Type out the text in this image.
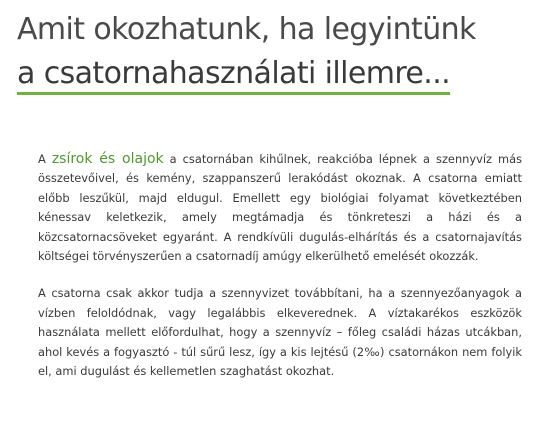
Amit okozhatunk, ha legyintünk
a csatornahasználati illemre...

A zsírok és olajok a csatornában kihűlnek, reakcióba lépnek a szennyvíz más összetevőivel, és kemény, szappanszerű lerakódást okoznak. A csatorna emiatt előbb leszűkül, majd eldugul. Emellett egy biológiai folyamat következtében kénessav keletkezik, amely megtámadja és tönkreteszi a házi és a közcsatornacsöveket egyaránt. A rendkívüli dugulás-elhárítás és a csatornajavítás költségei törvényszerűen a csatornadíj amúgy elkerülhető emelését okozzák.

A csatorna csak akkor tudja a szennyvizet továbbítani, ha a szennyezőanyagok a vízben feloldódnak, vagy legalábbis elkeverednek. A víztakarékos eszközök használata mellett előfordulhat, hogy a szennyvíz – főleg családi házas utcákban, ahol kevés a fogyasztó - túl sűrű lesz, így a kis lejtésű (2‰) csatornákon nem folyik el, ami dugulást és kellemetlen szaghatást okozhat.
